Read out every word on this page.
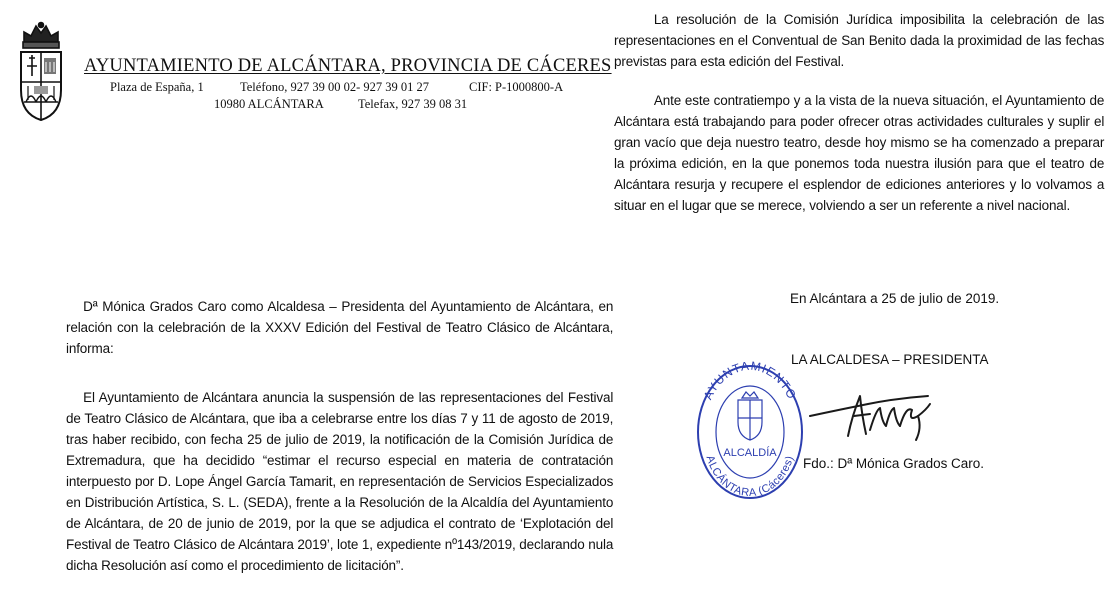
AYUNTAMIENTO DE ALCÁNTARA, PROVINCIA DE CÁCERES
Plaza de España, 1	Teléfono, 927 39 00 02- 927 39 01 27	CIF: P-1000800-A
10980 ALCÁNTARA	Telefax, 927 39 08 31

Dª Mónica Grados Caro como Alcaldesa – Presidenta del Ayuntamiento de Alcántara, en relación con la celebración de la XXXV Edición del Festival de Teatro Clásico de Alcántara, informa:

El Ayuntamiento de Alcántara anuncia la suspensión de las representaciones del Festival de Teatro Clásico de Alcántara, que iba a celebrarse entre los días 7 y 11 de agosto de 2019, tras haber recibido, con fecha 25 de julio de 2019, la notificación de la Comisión Jurídica de Extremadura, que ha decidido “estimar el recurso especial en materia de contratación interpuesto por D. Lope Ángel García Tamarit, en representación de Servicios Especializados en Distribución Artística, S. L. (SEDA), frente a la Resolución de la Alcaldía del Ayuntamiento de Alcántara, de 20 de junio de 2019, por la que se adjudica el contrato de ‘Explotación del Festival de Teatro Clásico de Alcántara 2019’, lote 1, expediente nº143/2019, declarando nula dicha Resolución así como el procedimiento de licitación”.

La resolución de la Comisión Jurídica imposibilita la celebración de las representaciones en el Conventual de San Benito dada la proximidad de las fechas previstas para esta edición del Festival.

Ante este contratiempo y a la vista de la nueva situación, el Ayuntamiento de Alcántara está trabajando para poder ofrecer otras actividades culturales y suplir el gran vacío que deja nuestro teatro, desde hoy mismo se ha comenzado a preparar la próxima edición, en la que ponemos toda nuestra ilusión para que el teatro de Alcántara resurja y recupere el esplendor de ediciones anteriores y lo volvamos a situar en el lugar que se merece, volviendo a ser un referente a nivel nacional.

En Alcántara a 25 de julio de 2019.
LA ALCALDESA – PRESIDENTA
AYUNTAMIENTO
ALCÁNTARA (Cáceres)
ALCALDÍA
Fdo.: Dª Mónica Grados Caro.
